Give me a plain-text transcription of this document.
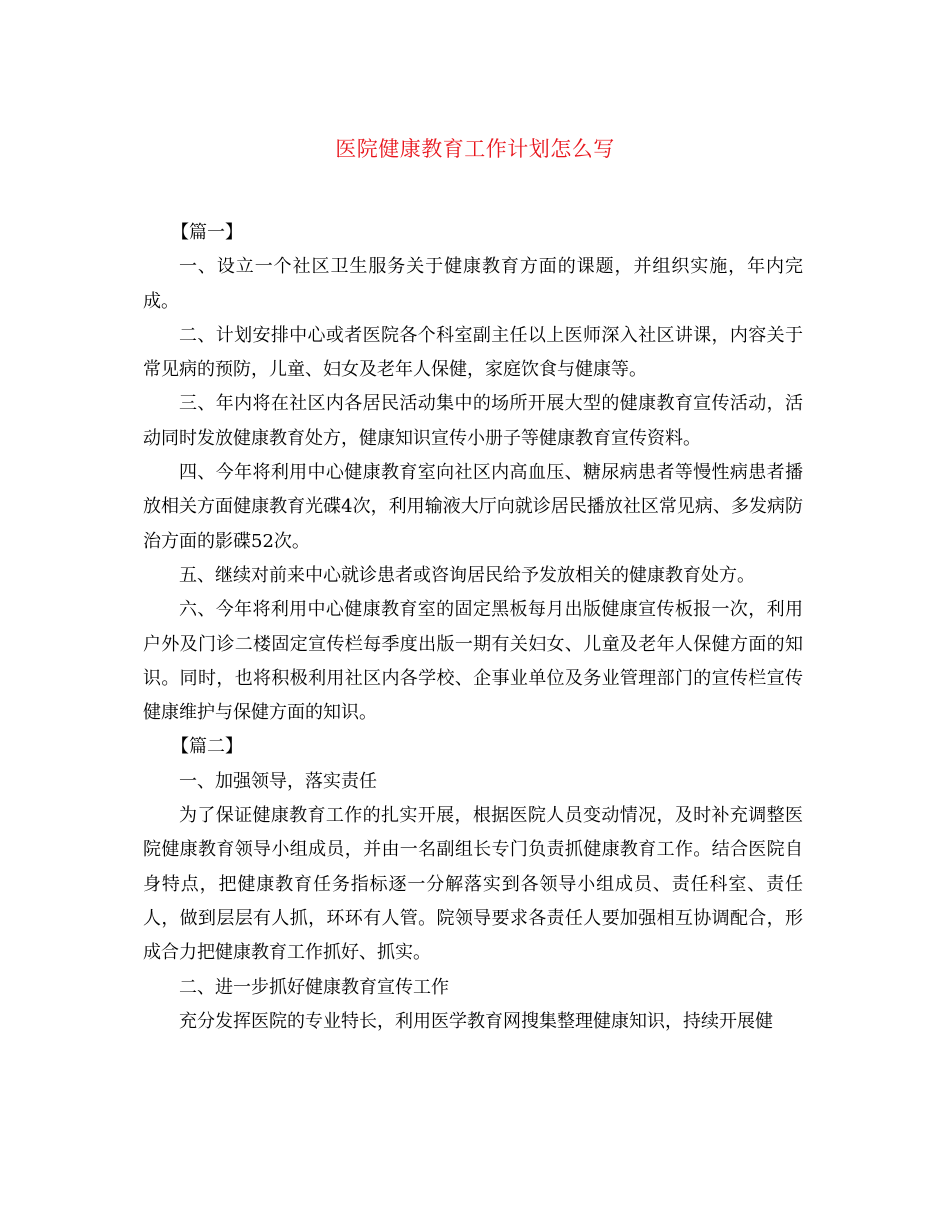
医院健康教育工作计划怎么写

【篇一】

一、设立一个社区卫生服务关于健康教育方面的课题，并组织实施，年内完成。

二、计划安排中心或者医院各个科室副主任以上医师深入社区讲课，内容关于常见病的预防，儿童、妇女及老年人保健，家庭饮食与健康等。

三、年内将在社区内各居民活动集中的场所开展大型的健康教育宣传活动，活动同时发放健康教育处方，健康知识宣传小册子等健康教育宣传资料。

四、今年将利用中心健康教育室向社区内高血压、糖尿病患者等慢性病患者播放相关方面健康教育光碟4次，利用输液大厅向就诊居民播放社区常见病、多发病防治方面的影碟52次。

五、继续对前来中心就诊患者或咨询居民给予发放相关的健康教育处方。

六、今年将利用中心健康教育室的固定黑板每月出版健康宣传板报一次，利用户外及门诊二楼固定宣传栏每季度出版一期有关妇女、儿童及老年人保健方面的知识。同时，也将积极利用社区内各学校、企事业单位及务业管理部门的宣传栏宣传健康维护与保健方面的知识。

【篇二】

一、加强领导，落实责任

为了保证健康教育工作的扎实开展，根据医院人员变动情况，及时补充调整医院健康教育领导小组成员，并由一名副组长专门负责抓健康教育工作。结合医院自身特点，把健康教育任务指标逐一分解落实到各领导小组成员、责任科室、责任人，做到层层有人抓，环环有人管。院领导要求各责任人要加强相互协调配合，形成合力把健康教育工作抓好、抓实。

二、进一步抓好健康教育宣传工作

充分发挥医院的专业特长，利用医学教育网搜集整理健康知识，持续开展健
